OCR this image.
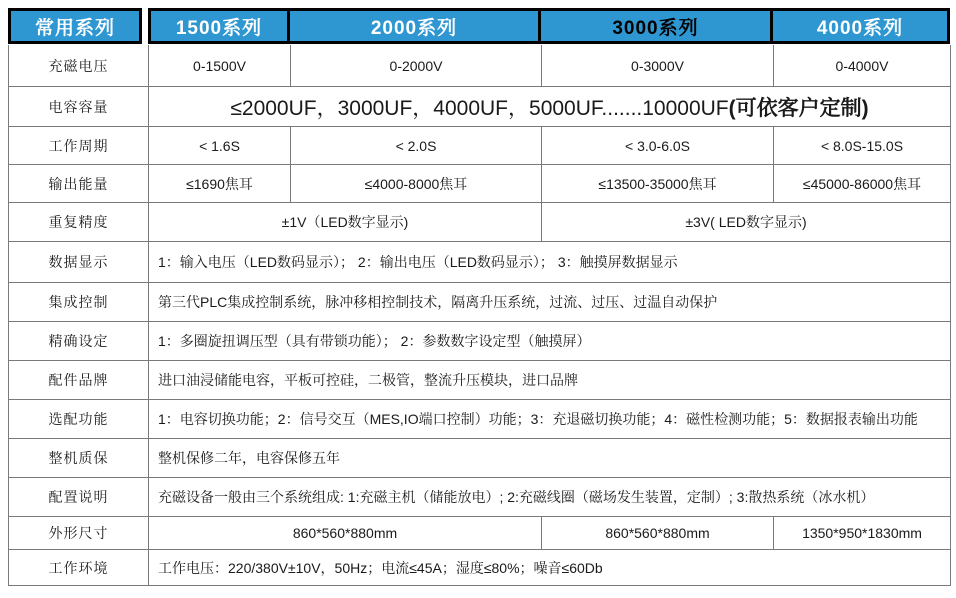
常用系列	1500系列	2000系列	3000系列	4000系列
充磁电压	0-1500V	0-2000V	0-3000V	0-4000V
电容容量	≤2000UF，3000UF，4000UF，5000UF.......10000UF (可依客户定制)
工作周期	< 1.6S	< 2.0S	< 3.0-6.0S	< 8.0S-15.0S
输出能量	≤1690焦耳	≤4000-8000焦耳	≤13500-35000焦耳	≤45000-86000焦耳
重复精度	±1V（LED数字显示)	±3V( LED数字显示)
数据显示	1：输入电压（LED数码显示）； 2：输出电压（LED数码显示）； 3：触摸屏数据显示
集成控制	第三代PLC集成控制系统，脉冲移相控制技术，隔离升压系统，过流、过压、过温自动保护
精确设定	1：多圈旋扭调压型（具有带锁功能）； 2：参数数字设定型（触摸屏）
配件品牌	进口油浸储能电容，平板可控硅，二极管，整流升压模块，进口品牌
选配功能	1：电容切换功能；2：信号交互（MES,IO端口控制）功能；3：充退磁切换功能；4：磁性检测功能；5：数据报表输出功能
整机质保	整机保修二年，电容保修五年
配置说明	充磁设备一般由三个系统组成: 1:充磁主机（储能放电）; 2:充磁线圈（磁场发生装置，定制）; 3:散热系统（冰水机）
外形尺寸	860*560*880mm	860*560*880mm	1350*950*1830mm
工作环境	工作电压：220/380V±10V，50Hz；电流≤45A；湿度≤80%；噪音≤60Db
